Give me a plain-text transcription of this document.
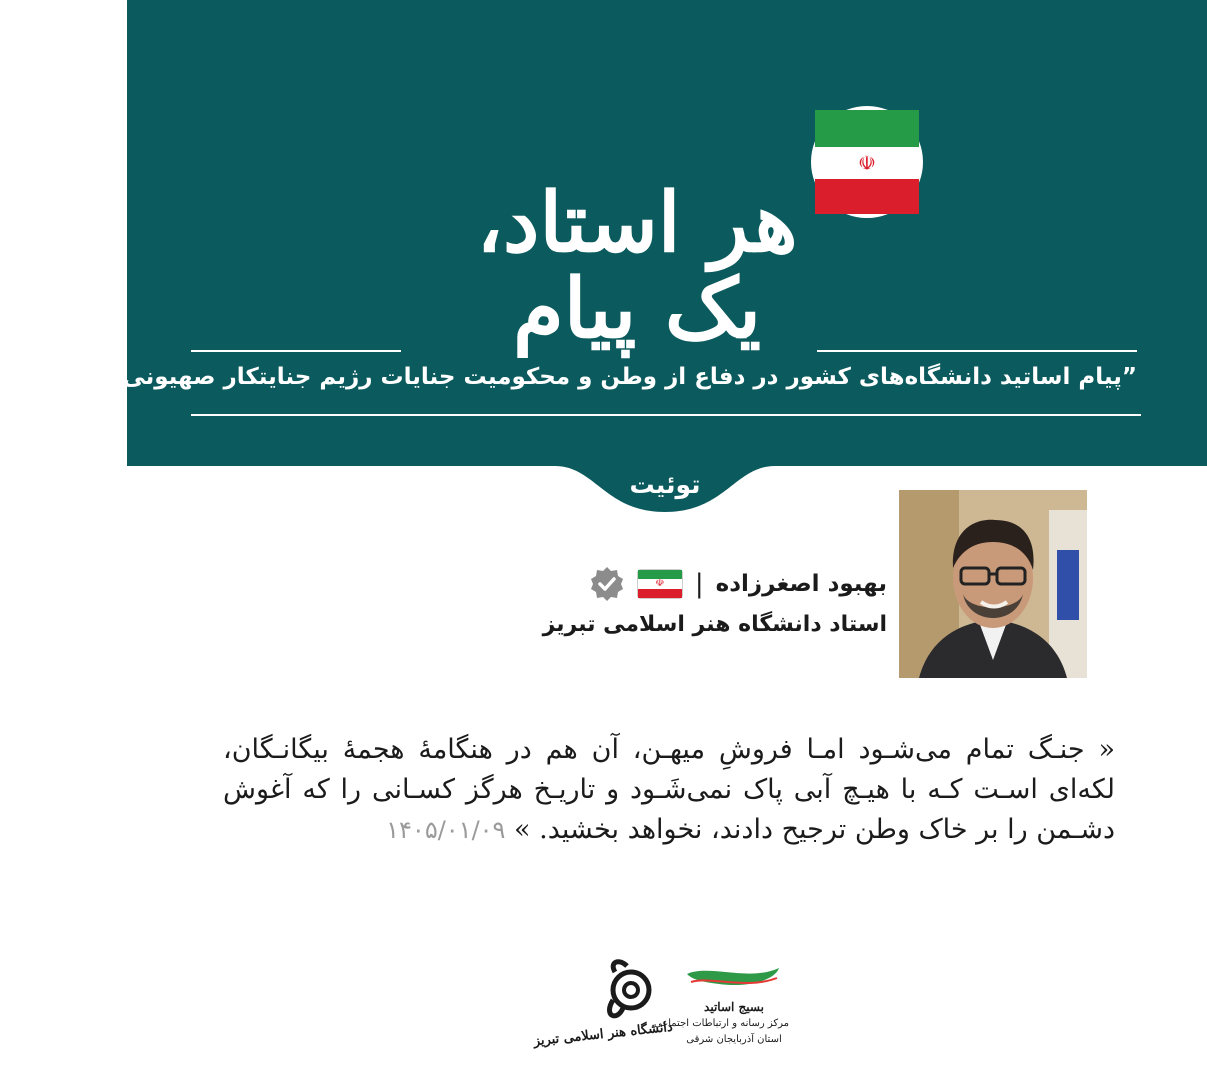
☫
هر استاد، یک پیام
”پیام اساتید دانشگاه‌های کشور در دفاع از وطن و محکومیت جنایات رژیم جنایتکار صهیونی آمریکایی“
توئیت
بهبود اصغرزاده
|
☫
استاد دانشگاه هنر اسلامی تبریز
« جنـگ تمام می‌شـود امـا فروشِ میهـن، آن هم در هنگامۀ هجمۀ بیگانـگان، لکه‌ای اسـت کـه با هیـچ آبی پاک نمی‌شَـود و تاریـخ هرگز کسـانی را که آغوش دشـمن را بر خاک وطن ترجیح دادند، نخواهد بخشید. » ۱۴۰۵/۰۱/۰۹
دانشگاه هنر اسلامی تبریز
بسیج اساتید
مرکز رسانه و ارتباطات اجتماعی
استان آذربایجان شرقی
